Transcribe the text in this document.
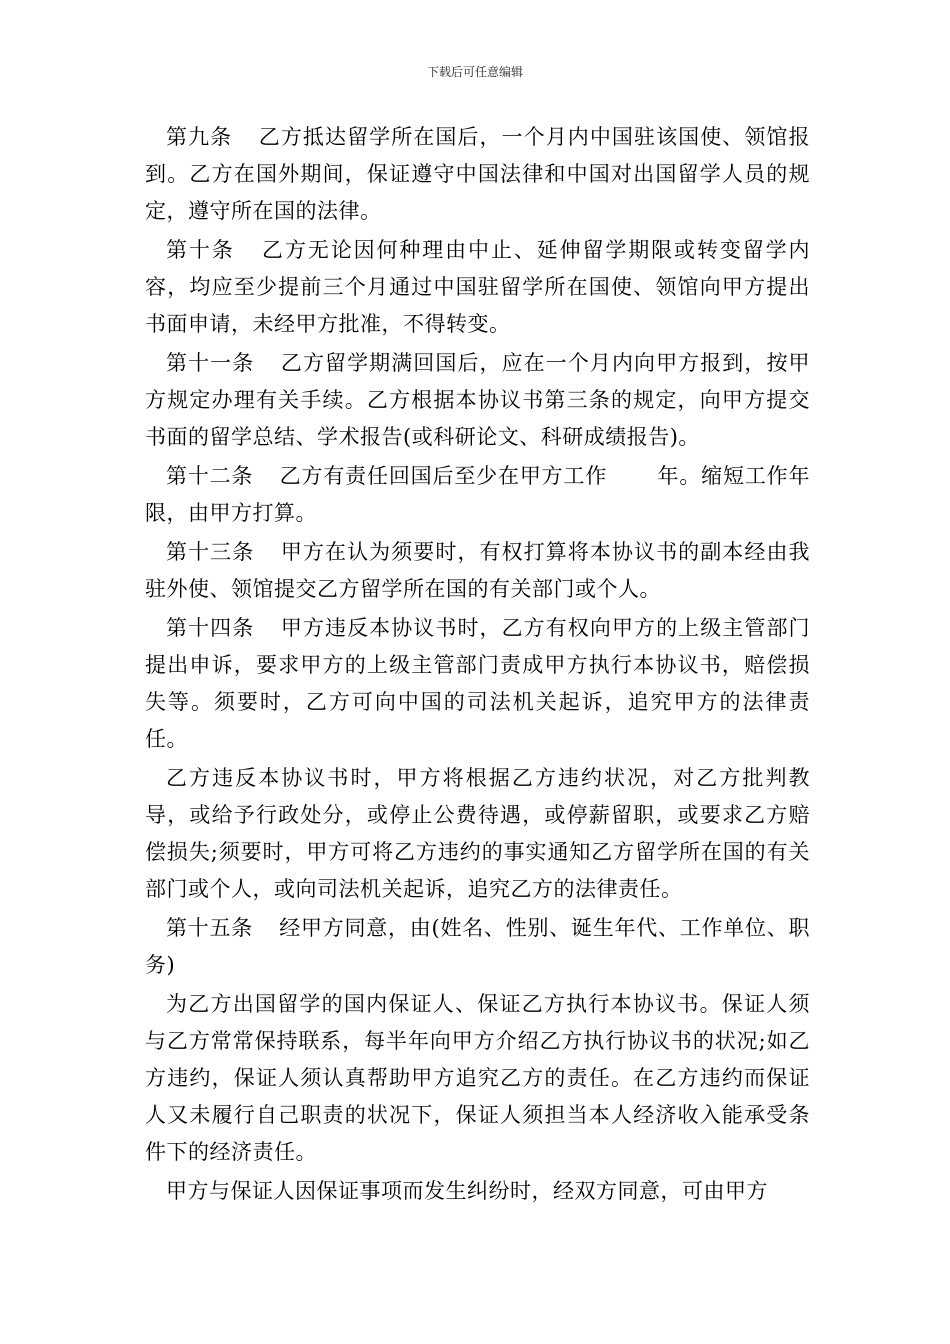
下载后可任意编辑

第九条 乙方抵达留学所在国后，一个月内中国驻该国使、领馆报到。乙方在国外期间，保证遵守中国法律和中国对出国留学人员的规定，遵守所在国的法律。

第十条 乙方无论因何种理由中止、延伸留学期限或转变留学内容，均应至少提前三个月通过中国驻留学所在国使、领馆向甲方提出书面申请，未经甲方批准，不得转变。

第十一条 乙方留学期满回国后，应在一个月内向甲方报到，按甲方规定办理有关手续。乙方根据本协议书第三条的规定，向甲方提交书面的留学总结、学术报告(或科研论文、科研成绩报告)。

第十二条 乙方有责任回国后至少在甲方工作 年。缩短工作年限，由甲方打算。

第十三条 甲方在认为须要时，有权打算将本协议书的副本经由我驻外使、领馆提交乙方留学所在国的有关部门或个人。

第十四条 甲方违反本协议书时，乙方有权向甲方的上级主管部门提出申诉，要求甲方的上级主管部门责成甲方执行本协议书，赔偿损失等。须要时，乙方可向中国的司法机关起诉，追究甲方的法律责任。

乙方违反本协议书时，甲方将根据乙方违约状况，对乙方批判教导，或给予行政处分，或停止公费待遇，或停薪留职，或要求乙方赔偿损失;须要时，甲方可将乙方违约的事实通知乙方留学所在国的有关部门或个人，或向司法机关起诉，追究乙方的法律责任。

第十五条 经甲方同意，由(姓名、性别、诞生年代、工作单位、职务)

为乙方出国留学的国内保证人、保证乙方执行本协议书。保证人须与乙方常常保持联系，每半年向甲方介绍乙方执行协议书的状况;如乙方违约，保证人须认真帮助甲方追究乙方的责任。在乙方违约而保证人又未履行自己职责的状况下，保证人须担当本人经济收入能承受条件下的经济责任。

甲方与保证人因保证事项而发生纠纷时，经双方同意，可由甲方
